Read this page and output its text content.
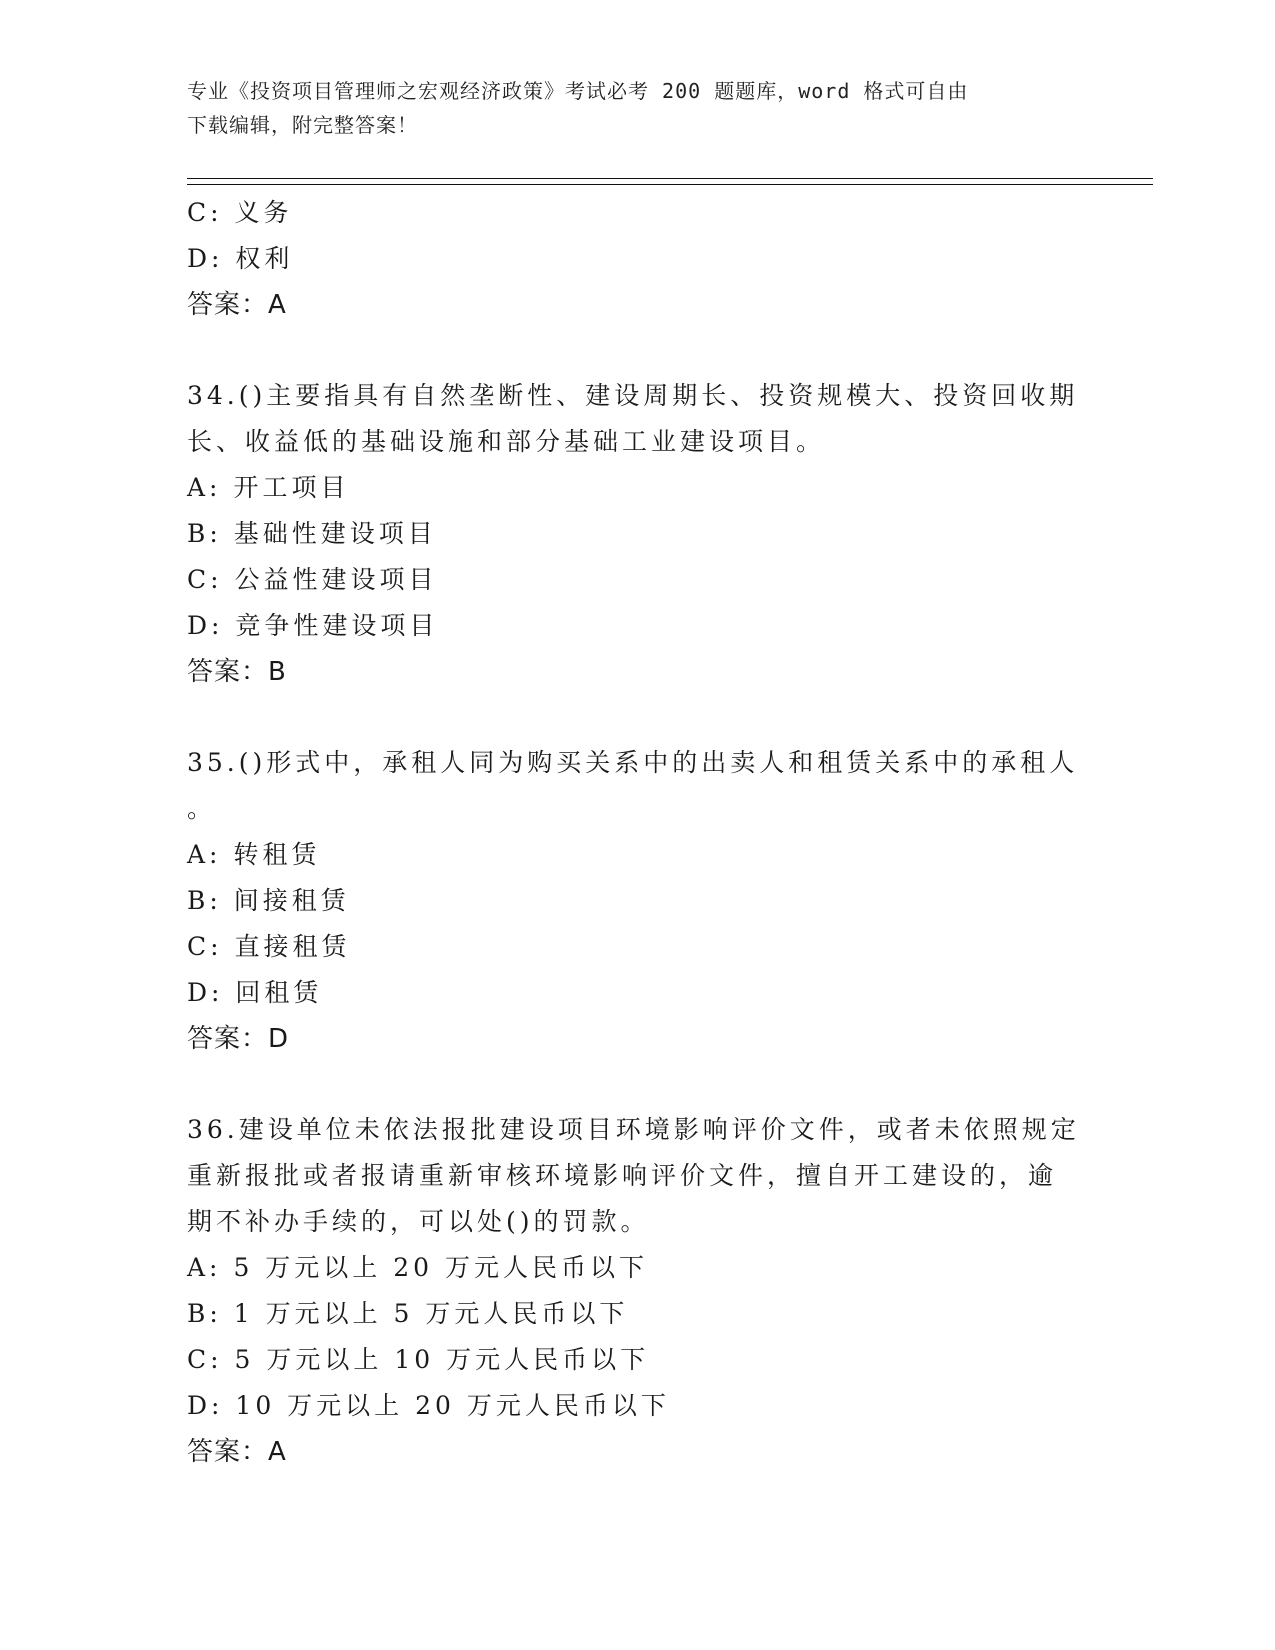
专业《投资项目管理师之宏观经济政策》考试必考 200 题题库，word 格式可自由
下载编辑，附完整答案！
C: 义务
D: 权利
答案：A
34.()主要指具有自然垄断性、建设周期长、投资规模大、投资回收期
长、收益低的基础设施和部分基础工业建设项目。
A: 开工项目
B: 基础性建设项目
C: 公益性建设项目
D: 竞争性建设项目
答案：B
35.()形式中，承租人同为购买关系中的出卖人和租赁关系中的承租人
。
A: 转租赁
B: 间接租赁
C: 直接租赁
D: 回租赁
答案：D
36.建设单位未依法报批建设项目环境影响评价文件，或者未依照规定
重新报批或者报请重新审核环境影响评价文件，擅自开工建设的，逾
期不补办手续的，可以处()的罚款。
A: 5 万元以上 20 万元人民币以下
B: 1 万元以上 5 万元人民币以下
C: 5 万元以上 10 万元人民币以下
D: 10 万元以上 20 万元人民币以下
答案：A
